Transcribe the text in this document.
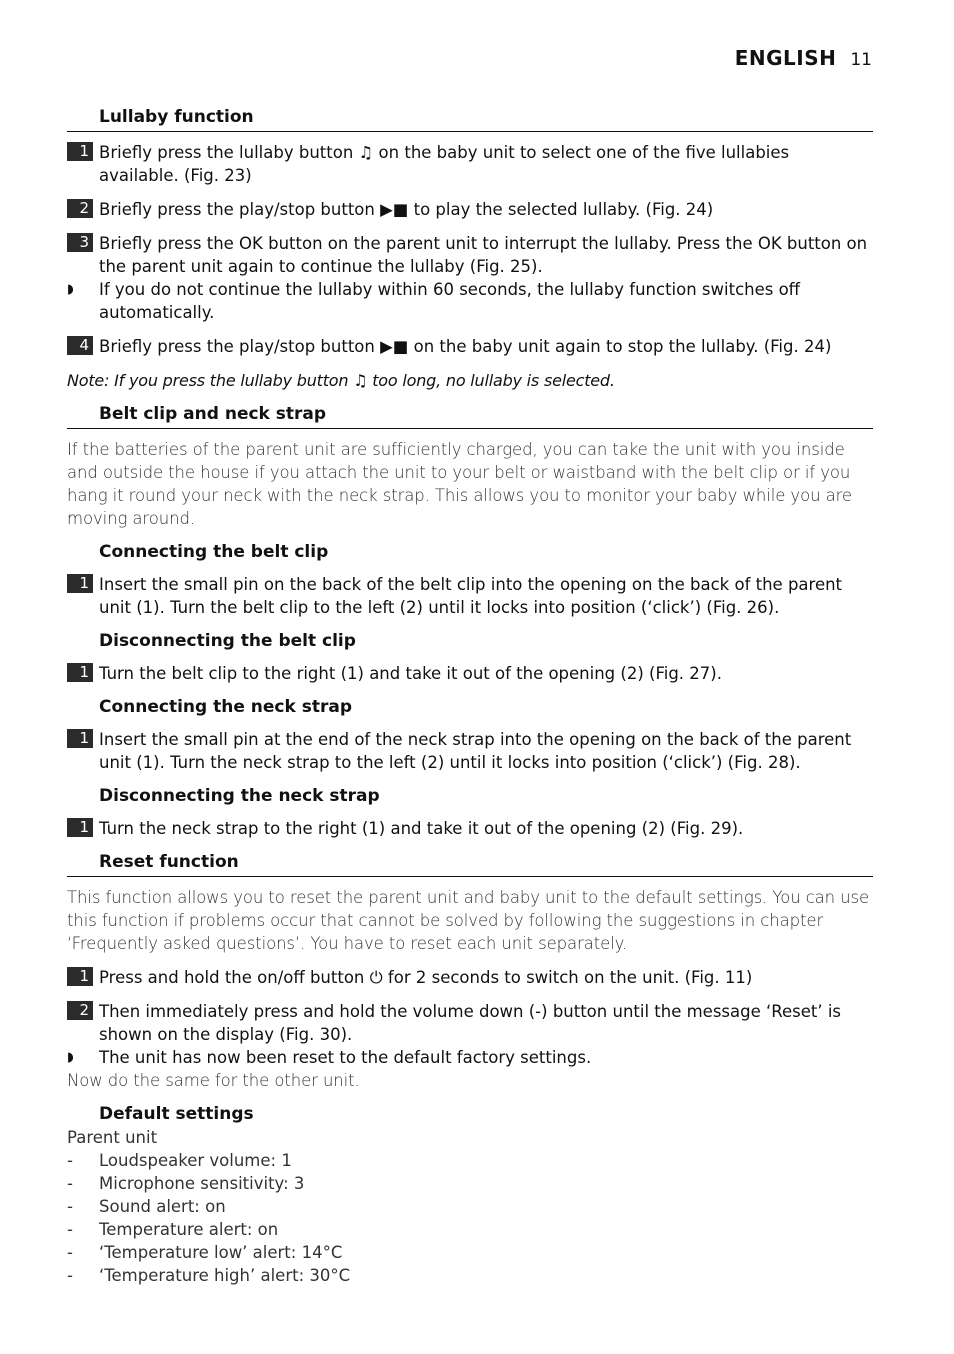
ENGLISH 11
Lullaby function
1 Briefly press the lullaby button ♫ on the baby unit to select one of the five lullabies available. (Fig. 23)
2 Briefly press the play/stop button ▶■ to play the selected lullaby. (Fig. 24)
3 Briefly press the OK button on the parent unit to interrupt the lullaby. Press the OK button on the parent unit again to continue the lullaby (Fig. 25).
◗ If you do not continue the lullaby within 60 seconds, the lullaby function switches off automatically.
4 Briefly press the play/stop button ▶■ on the baby unit again to stop the lullaby. (Fig. 24)
Note: If you press the lullaby button ♫ too long, no lullaby is selected.
Belt clip and neck strap
If the batteries of the parent unit are sufficiently charged, you can take the unit with you inside and outside the house if you attach the unit to your belt or waistband with the belt clip or if you hang it round your neck with the neck strap. This allows you to monitor your baby while you are moving around.
Connecting the belt clip
1 Insert the small pin on the back of the belt clip into the opening on the back of the parent unit (1). Turn the belt clip to the left (2) until it locks into position (‘click’) (Fig. 26).
Disconnecting the belt clip
1 Turn the belt clip to the right (1) and take it out of the opening (2) (Fig. 27).
Connecting the neck strap
1 Insert the small pin at the end of the neck strap into the opening on the back of the parent unit (1). Turn the neck strap to the left (2) until it locks into position (‘click’) (Fig. 28).
Disconnecting the neck strap
1 Turn the neck strap to the right (1) and take it out of the opening (2) (Fig. 29).
Reset function
This function allows you to reset the parent unit and baby unit to the default settings. You can use this function if problems occur that cannot be solved by following the suggestions in chapter ‘Frequently asked questions’. You have to reset each unit separately.
1 Press and hold the on/off button ⏻ for 2 seconds to switch on the unit. (Fig. 11)
2 Then immediately press and hold the volume down (-) button until the message ‘Reset’ is shown on the display (Fig. 30).
◗ The unit has now been reset to the default factory settings.
Now do the same for the other unit.
Default settings
Parent unit
- Loudspeaker volume: 1
- Microphone sensitivity: 3
- Sound alert: on
- Temperature alert: on
- ‘Temperature low’ alert: 14°C
- ‘Temperature high’ alert: 30°C
